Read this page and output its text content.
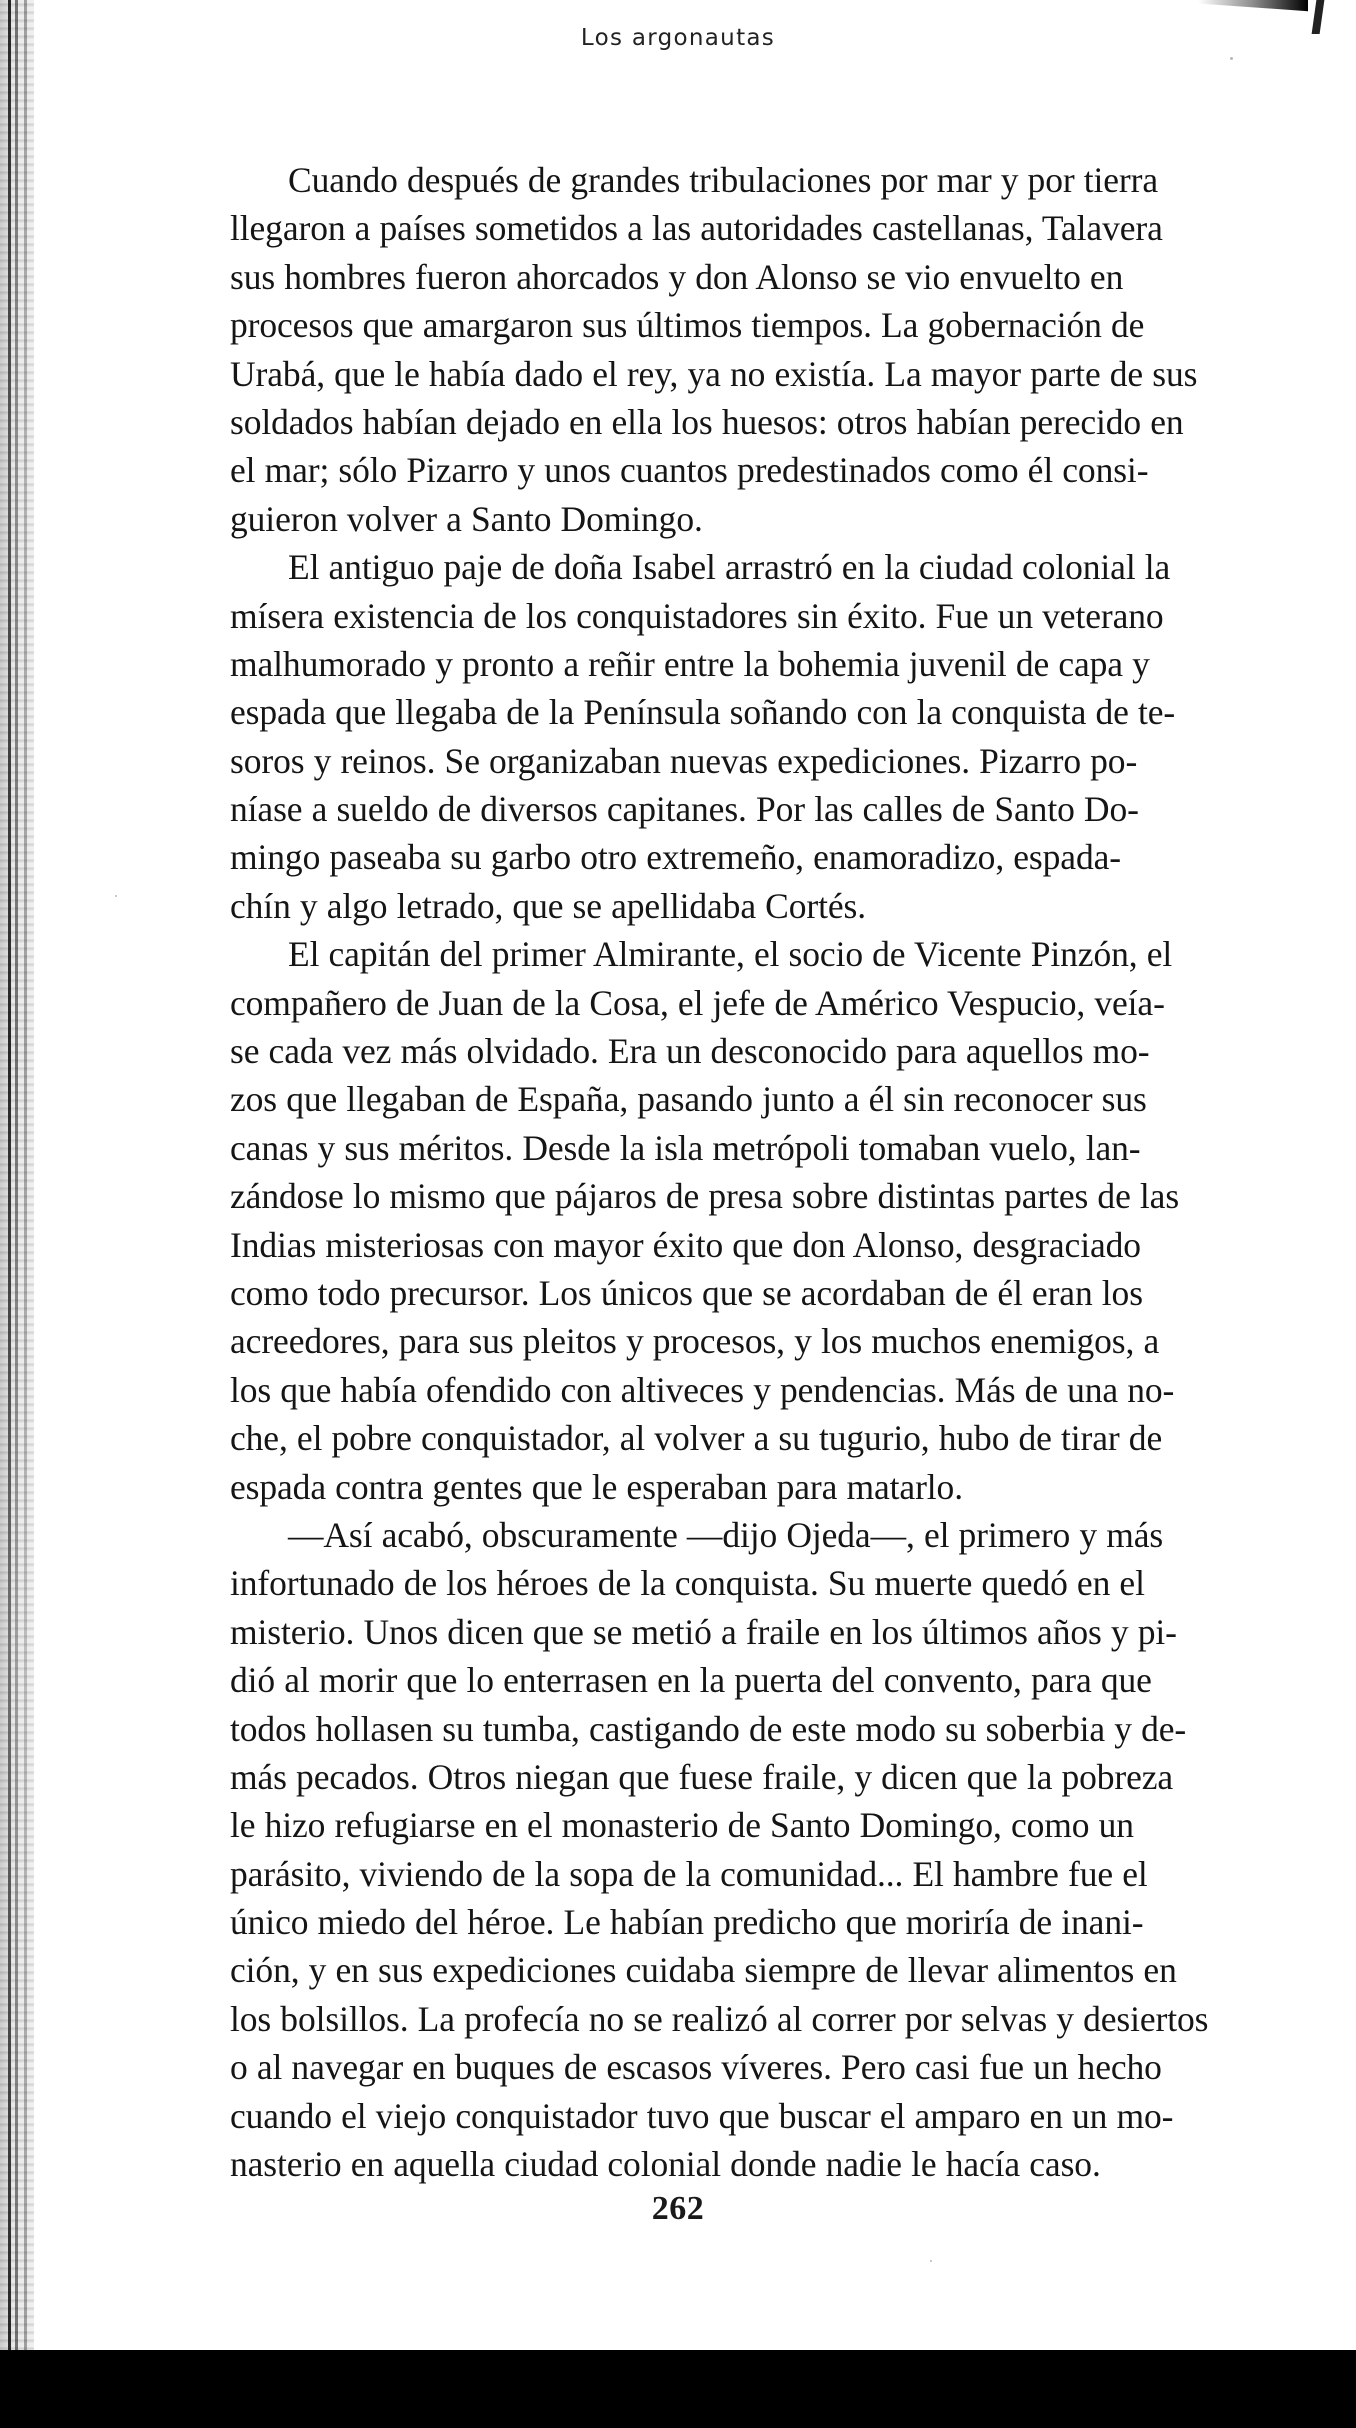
Los argonautas
Cuando después de grandes tribulaciones por mar y por tierra
llegaron a países sometidos a las autoridades castellanas, Talavera
sus hombres fueron ahorcados y don Alonso se vio envuelto en
procesos que amargaron sus últimos tiempos. La gobernación de
Urabá, que le había dado el rey, ya no existía. La mayor parte de sus
soldados habían dejado en ella los huesos: otros habían perecido en
el mar; sólo Pizarro y unos cuantos predestinados como él consi-
guieron volver a Santo Domingo.
El antiguo paje de doña Isabel arrastró en la ciudad colonial la
mísera existencia de los conquistadores sin éxito. Fue un veterano
malhumorado y pronto a reñir entre la bohemia juvenil de capa y
espada que llegaba de la Península soñando con la conquista de te-
soros y reinos. Se organizaban nuevas expediciones. Pizarro po-
níase a sueldo de diversos capitanes. Por las calles de Santo Do-
mingo paseaba su garbo otro extremeño, enamoradizo, espada-
chín y algo letrado, que se apellidaba Cortés.
El capitán del primer Almirante, el socio de Vicente Pinzón, el
compañero de Juan de la Cosa, el jefe de Américo Vespucio, veía-
se cada vez más olvidado. Era un desconocido para aquellos mo-
zos que llegaban de España, pasando junto a él sin reconocer sus
canas y sus méritos. Desde la isla metrópoli tomaban vuelo, lan-
zándose lo mismo que pájaros de presa sobre distintas partes de las
Indias misteriosas con mayor éxito que don Alonso, desgraciado
como todo precursor. Los únicos que se acordaban de él eran los
acreedores, para sus pleitos y procesos, y los muchos enemigos, a
los que había ofendido con altiveces y pendencias. Más de una no-
che, el pobre conquistador, al volver a su tugurio, hubo de tirar de
espada contra gentes que le esperaban para matarlo.
—Así acabó, obscuramente —dijo Ojeda—, el primero y más
infortunado de los héroes de la conquista. Su muerte quedó en el
misterio. Unos dicen que se metió a fraile en los últimos años y pi-
dió al morir que lo enterrasen en la puerta del convento, para que
todos hollasen su tumba, castigando de este modo su soberbia y de-
más pecados. Otros niegan que fuese fraile, y dicen que la pobreza
le hizo refugiarse en el monasterio de Santo Domingo, como un
parásito, viviendo de la sopa de la comunidad... El hambre fue el
único miedo del héroe. Le habían predicho que moriría de inani-
ción, y en sus expediciones cuidaba siempre de llevar alimentos en
los bolsillos. La profecía no se realizó al correr por selvas y desiertos
o al navegar en buques de escasos víveres. Pero casi fue un hecho
cuando el viejo conquistador tuvo que buscar el amparo en un mo-
nasterio en aquella ciudad colonial donde nadie le hacía caso.
262
